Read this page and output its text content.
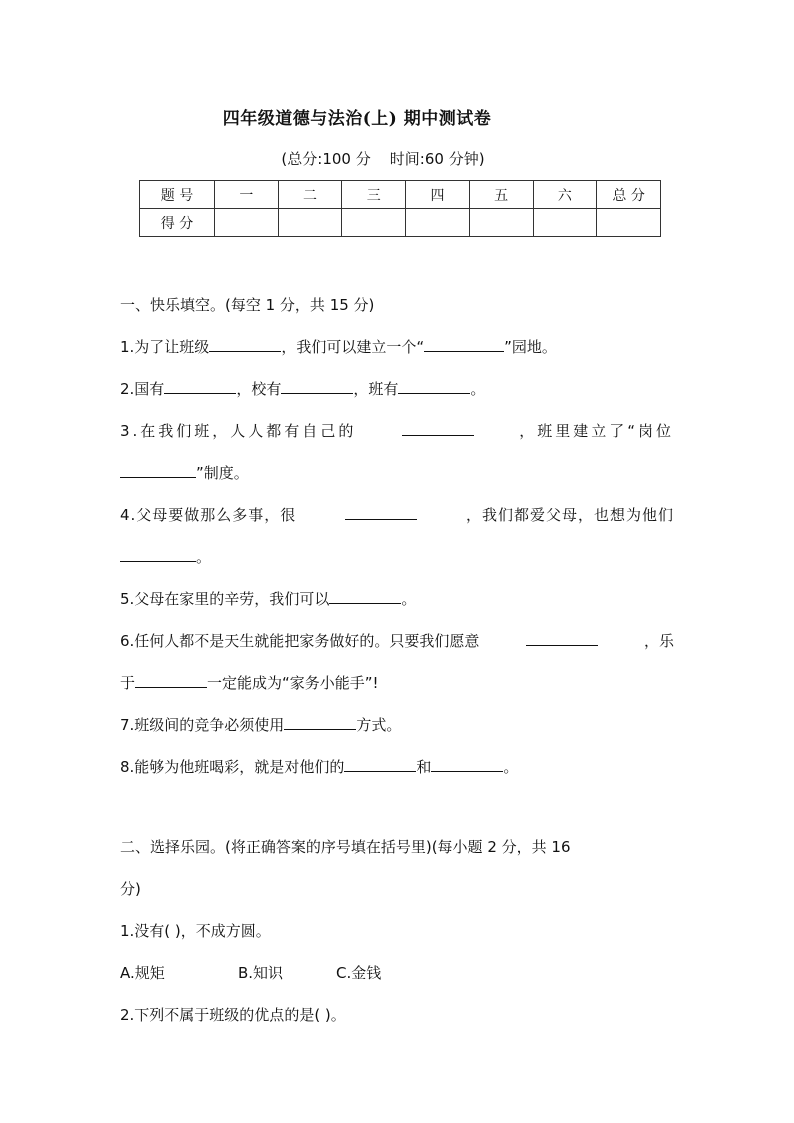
四年级道德与法治(上) 期中测试卷
(总分:100 分    时间:60 分钟)
题 号	一	二	三	四	五	六	总 分
得 分							
一、快乐填空。(每空 1 分，共 15 分)
1.为了让班级	，我们可以建立一个“	”园地。
2.国有	，校有	，班有	。
3.在我们班，人人都有自己的	，班里建立了“岗位
”制度。
4.父母要做那么多事，很	，我们都爱父母，也想为他们
。
5.父母在家里的辛劳，我们可以	。
6.任何人都不是天生就能把家务做好的。只要我们愿意	，乐
于	一定能成为“家务小能手”!
7.班级间的竞争必须使用	方式。
8.能够为他班喝彩，就是对他们的	和	。
二、选择乐园。(将正确答案的序号填在括号里)(每小题 2 分，共 16
分)
1.没有( )，不成方圆。
A.规矩	B.知识	C.金钱
2.下列不属于班级的优点的是( )。
